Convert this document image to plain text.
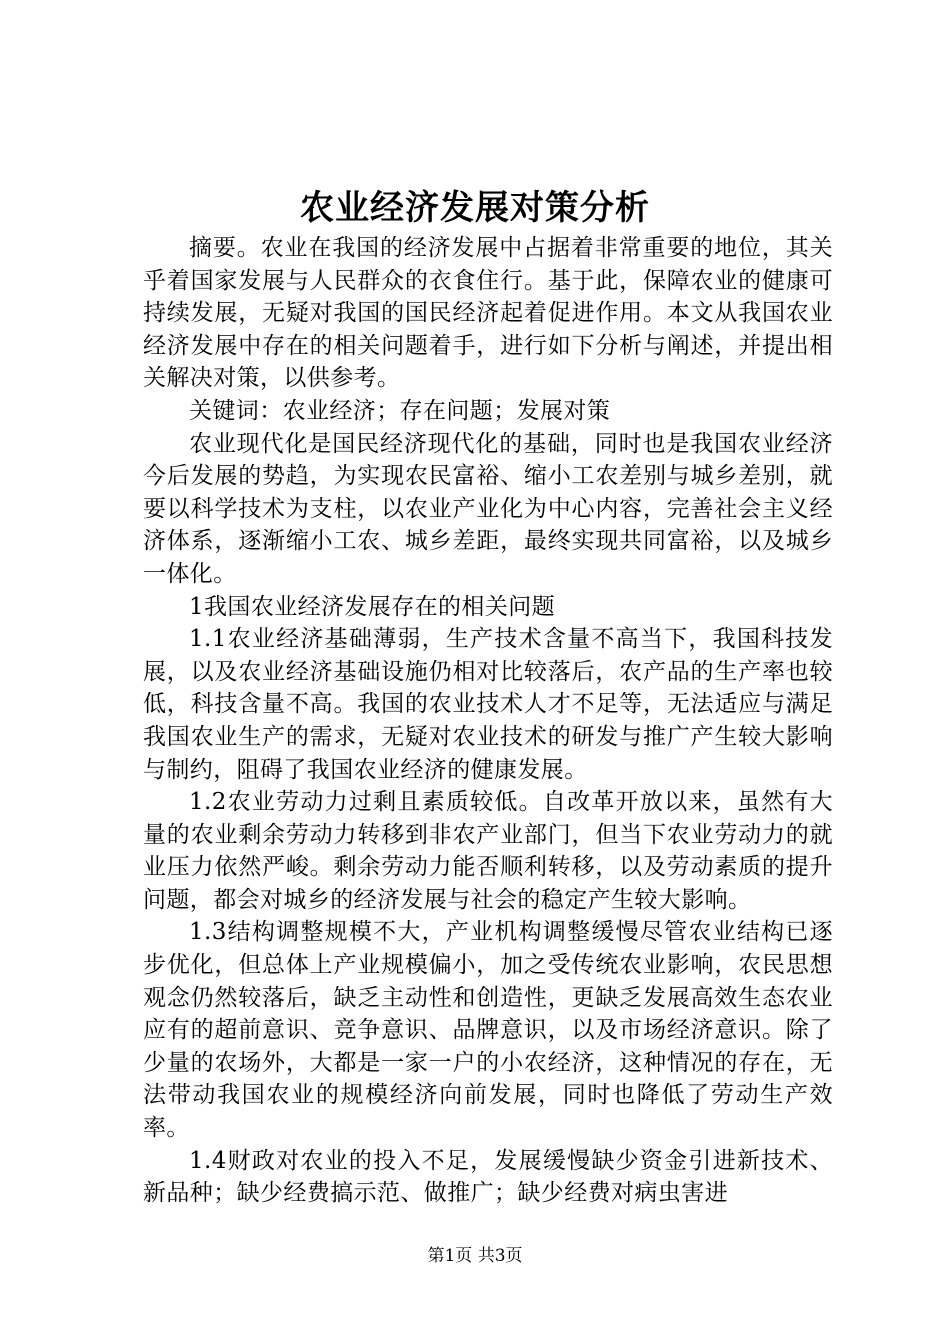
农业经济发展对策分析

摘要。农业在我国的经济发展中占据着非常重要的地位，其关乎着国家发展与人民群众的衣食住行。基于此，保障农业的健康可持续发展，无疑对我国的国民经济起着促进作用。本文从我国农业经济发展中存在的相关问题着手，进行如下分析与阐述，并提出相关解决对策，以供参考。

关键词：农业经济；存在问题；发展对策

农业现代化是国民经济现代化的基础，同时也是我国农业经济今后发展的势趋，为实现农民富裕、缩小工农差别与城乡差别，就要以科学技术为支柱，以农业产业化为中心内容，完善社会主义经济体系，逐渐缩小工农、城乡差距，最终实现共同富裕，以及城乡一体化。

1我国农业经济发展存在的相关问题

1.1农业经济基础薄弱，生产技术含量不高当下，我国科技发展，以及农业经济基础设施仍相对比较落后，农产品的生产率也较低，科技含量不高。我国的农业技术人才不足等，无法适应与满足我国农业生产的需求，无疑对农业技术的研发与推广产生较大影响与制约，阻碍了我国农业经济的健康发展。

1.2农业劳动力过剩且素质较低。自改革开放以来，虽然有大量的农业剩余劳动力转移到非农产业部门，但当下农业劳动力的就业压力依然严峻。剩余劳动力能否顺利转移，以及劳动素质的提升问题，都会对城乡的经济发展与社会的稳定产生较大影响。

1.3结构调整规模不大，产业机构调整缓慢尽管农业结构已逐步优化，但总体上产业规模偏小，加之受传统农业影响，农民思想观念仍然较落后，缺乏主动性和创造性，更缺乏发展高效生态农业应有的超前意识、竞争意识、品牌意识，以及市场经济意识。除了少量的农场外，大都是一家一户的小农经济，这种情况的存在，无法带动我国农业的规模经济向前发展，同时也降低了劳动生产效率。

1.4财政对农业的投入不足，发展缓慢缺少资金引进新技术、新品种；缺少经费搞示范、做推广；缺少经费对病虫害进

第1页 共3页
